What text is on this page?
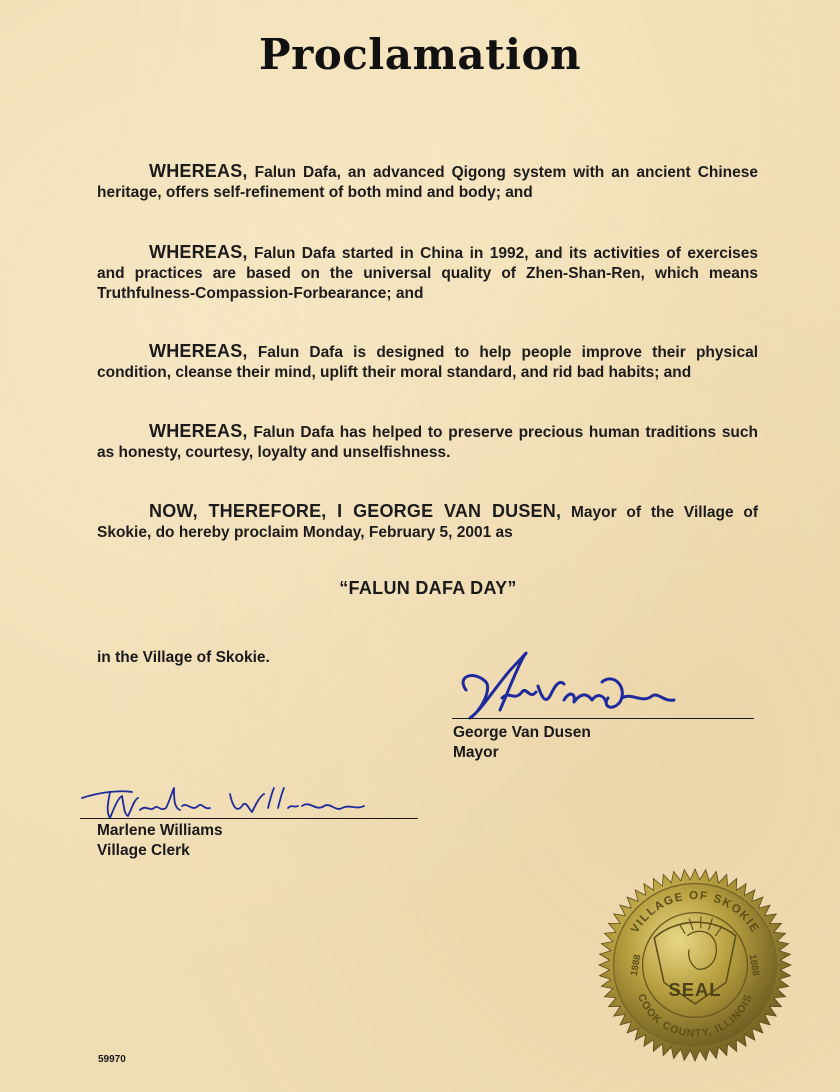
Proclamation

WHEREAS, Falun Dafa, an advanced Qigong system with an ancient Chinese heritage, offers self-refinement of both mind and body; and

WHEREAS, Falun Dafa started in China in 1992, and its activities of exercises and practices are based on the universal quality of Zhen-Shan-Ren, which means Truthfulness-Compassion-Forbearance; and

WHEREAS, Falun Dafa is designed to help people improve their physical condition, cleanse their mind, uplift their moral standard, and rid bad habits; and

WHEREAS, Falun Dafa has helped to preserve precious human traditions such as honesty, courtesy, loyalty and unselfishness.

NOW, THEREFORE, I GEORGE VAN DUSEN, Mayor of the Village of Skokie, do hereby proclaim Monday, February 5, 2001 as

“FALUN DAFA DAY”

in the Village of Skokie.

George Van Dusen

Mayor

Marlene Williams

Village Clerk

VILLAGE OF SKOKIE
COOK COUNTY, ILLINOIS
1888	1888
SEAL
59970
